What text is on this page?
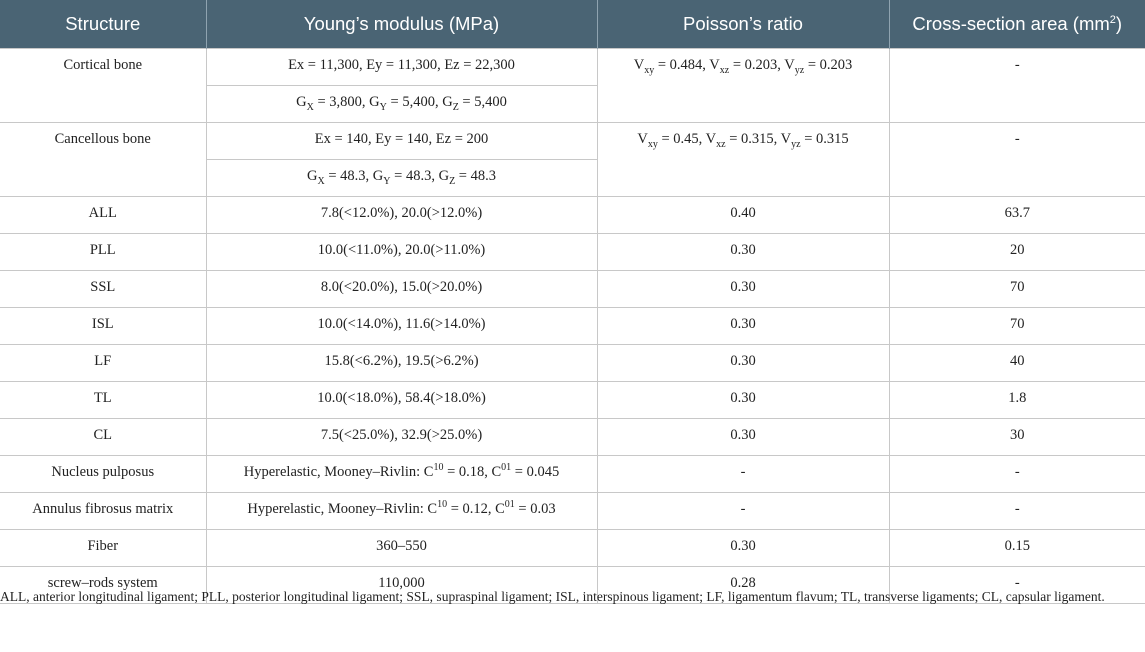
Structure	Young’s modulus (MPa)	Poisson’s ratio	Cross-section area $(mm^2)$
Cortical bone	Ex = 11,300, Ey = 11,300, Ez = 22,300	$V_{xy} = 0.484$, $V_{xz} = 0.203$, $V_{yz} = 0.203$	-
	$G_X = 3,800$, $G_Y = 5,400$, $G_Z = 5,400$		
Cancellous bone	Ex = 140, Ey = 140, Ez = 200	$V_{xy} = 0.45$, $V_{xz} = 0.315$, $V_{yz} = 0.315$	-
	$G_X = 48.3$, $G_Y = 48.3$, $G_Z = 48.3$		
ALL	7.8(<12.0%), 20.0(>12.0%)	0.40	63.7
PLL	10.0(<11.0%), 20.0(>11.0%)	0.30	20
SSL	8.0(<20.0%), 15.0(>20.0%)	0.30	70
ISL	10.0(<14.0%), 11.6(>14.0%)	0.30	70
LF	15.8(<6.2%), 19.5(>6.2%)	0.30	40
TL	10.0(<18.0%), 58.4(>18.0%)	0.30	1.8
CL	7.5(<25.0%), 32.9(>25.0%)	0.30	30
Nucleus pulposus	Hyperelastic, Mooney–Rivlin: $C^{10} = 0.18$, $C^{01} = 0.045$	-	-
Annulus fibrosus matrix	Hyperelastic, Mooney–Rivlin: $C^{10} = 0.12$, $C^{01} = 0.03$	-	-
Fiber	360–550	0.30	0.15
screw–rods system	110,000	0.28	-
ALL, anterior longitudinal ligament; PLL, posterior longitudinal ligament; SSL, supraspinal ligament; ISL, interspinous ligament; LF, ligamentum flavum; TL, transverse ligaments; CL, capsular ligament.
